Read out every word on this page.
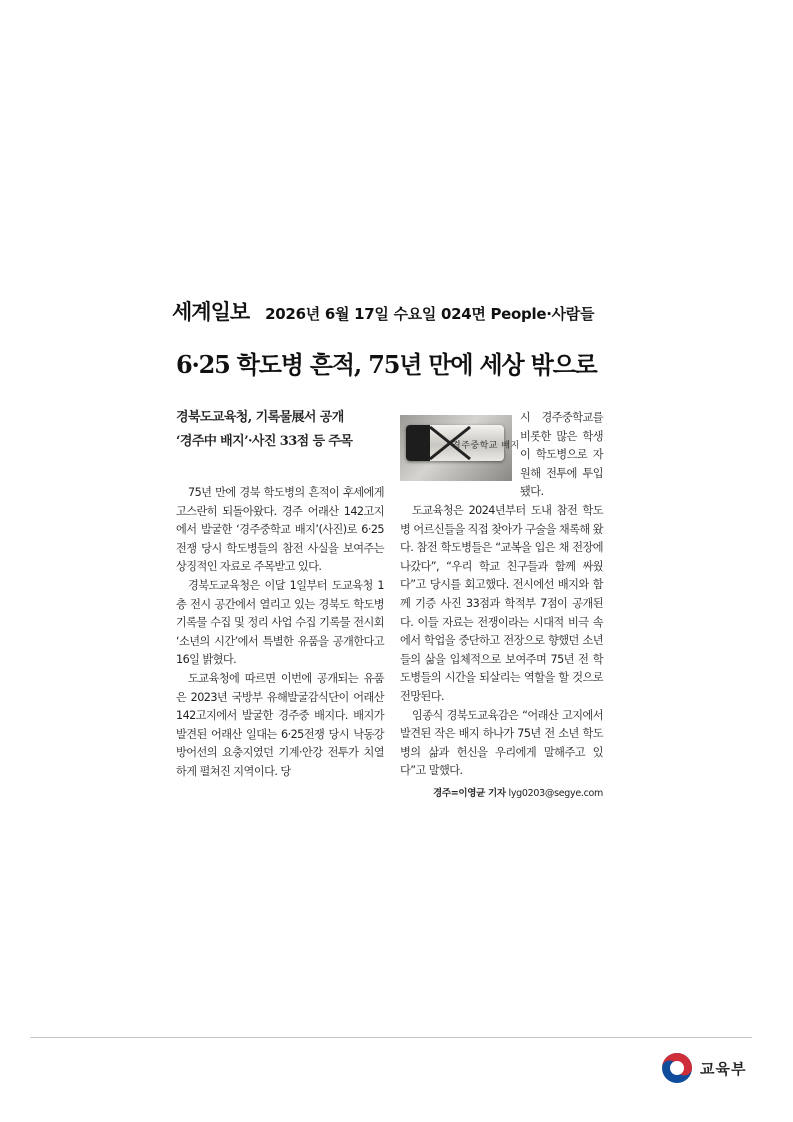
세계일보 2026년 6월 17일 수요일 024면 People·사람들
6·25 학도병 흔적, 75년 만에 세상 밖으로
경북도교육청, 기록물展서 공개
‘경주中 배지’·사진 33점 등 주목

75년 만에 경북 학도병의 흔적이 후세에게 고스란히 되돌아왔다. 경주 어래산 142고지에서 발굴한 ‘경주중학교 배지’(사진)로 6·25전쟁 당시 학도병들의 참전 사실을 보여주는 상징적인 자료로 주목받고 있다.

경북도교육청은 이달 1일부터 도교육청 1층 전시 공간에서 열리고 있는 경북도 학도병 기록물 수집 및 정리 사업 수집 기록물 전시회 ‘소년의 시간’에서 특별한 유품을 공개한다고 16일 밝혔다.

도교육청에 따르면 이번에 공개되는 유품은 2023년 국방부 유해발굴감식단이 어래산 142고지에서 발굴한 경주중 배지다. 배지가 발견된 어래산 일대는 6·25전쟁 당시 낙동강 방어선의 요충지였던 기계·안강 전투가 치열하게 펼쳐진 지역이다. 당

경주중학교 배지

시 경주중학교를 비롯한 많은 학생이 학도병으로 자원해 전투에 투입됐다.

도교육청은 2024년부터 도내 참전 학도병 어르신들을 직접 찾아가 구술을 채록해 왔다. 참전 학도병들은 “교복을 입은 채 전장에 나갔다”, “우리 학교 친구들과 함께 싸웠다”고 당시를 회고했다. 전시에선 배지와 함께 기증 사진 33점과 학적부 7점이 공개된다. 이들 자료는 전쟁이라는 시대적 비극 속에서 학업을 중단하고 전장으로 향했던 소년들의 삶을 입체적으로 보여주며 75년 전 학도병들의 시간을 되살리는 역할을 할 것으로 전망된다.

임종식 경북도교육감은 “어래산 고지에서 발견된 작은 배지 하나가 75년 전 소년 학도병의 삶과 헌신을 우리에게 말해주고 있다”고 말했다.

경주=이영균 기자 lyg0203@segye.com
교육부
